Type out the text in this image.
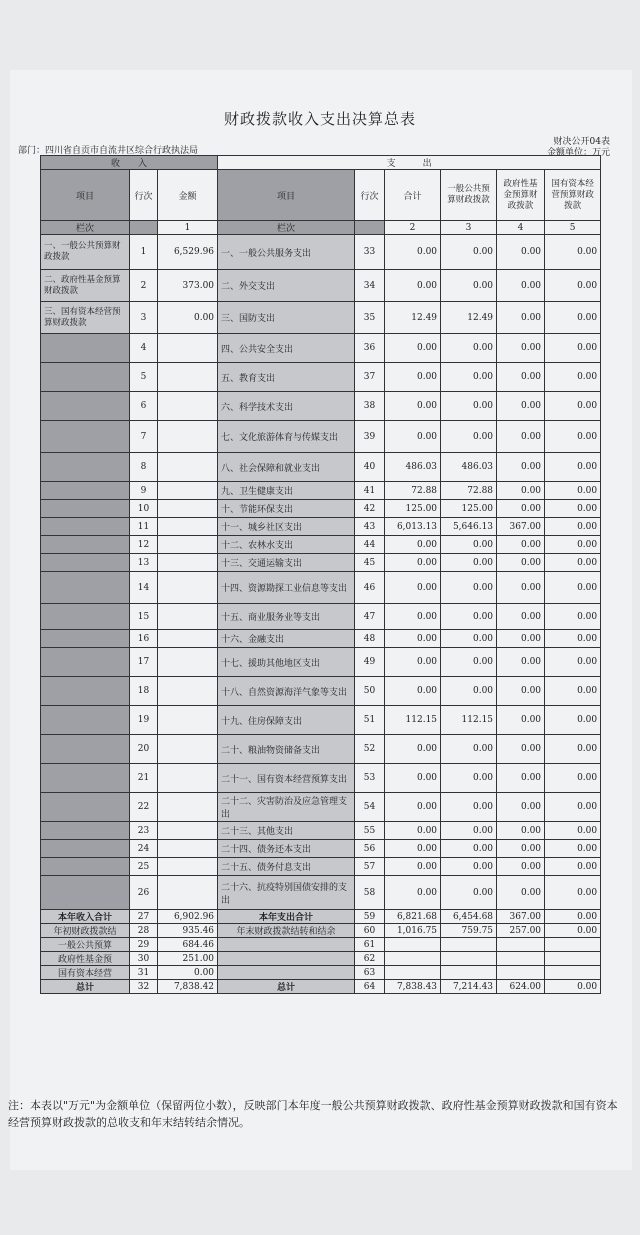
财政拨款收入支出决算总表
部门：四川省自贡市自流井区综合行政执法局
财决公开04表
金额单位：万元
收　　入			支　　　出					
项目	行次	金额	项目	行次	合计	一般公共预算财政拨款	政府性基金预算财政拨款	国有资本经营预算财政拨款
栏次		1	栏次		2	3	4	5
一、一般公共预算财政拨款	1	6,529.96	一、一般公共服务支出	33	0.00	0.00	0.00	0.00
二、政府性基金预算财政拨款	2	373.00	二、外交支出	34	0.00	0.00	0.00	0.00
三、国有资本经营预算财政拨款	3	0.00	三、国防支出	35	12.49	12.49	0.00	0.00
	4		四、公共安全支出	36	0.00	0.00	0.00	0.00
	5		五、教育支出	37	0.00	0.00	0.00	0.00
	6		六、科学技术支出	38	0.00	0.00	0.00	0.00
	7		七、文化旅游体育与传媒支出	39	0.00	0.00	0.00	0.00
	8		八、社会保障和就业支出	40	486.03	486.03	0.00	0.00
	9		九、卫生健康支出	41	72.88	72.88	0.00	0.00
	10		十、节能环保支出	42	125.00	125.00	0.00	0.00
	11		十一、城乡社区支出	43	6,013.13	5,646.13	367.00	0.00
	12		十二、农林水支出	44	0.00	0.00	0.00	0.00
	13		十三、交通运输支出	45	0.00	0.00	0.00	0.00
	14		十四、资源勘探工业信息等支出	46	0.00	0.00	0.00	0.00
	15		十五、商业服务业等支出	47	0.00	0.00	0.00	0.00
	16		十六、金融支出	48	0.00	0.00	0.00	0.00
	17		十七、援助其他地区支出	49	0.00	0.00	0.00	0.00
	18		十八、自然资源海洋气象等支出	50	0.00	0.00	0.00	0.00
	19		十九、住房保障支出	51	112.15	112.15	0.00	0.00
	20		二十、粮油物资储备支出	52	0.00	0.00	0.00	0.00
	21		二十一、国有资本经营预算支出	53	0.00	0.00	0.00	0.00
	22		二十二、灾害防治及应急管理支出	54	0.00	0.00	0.00	0.00
	23		二十三、其他支出	55	0.00	0.00	0.00	0.00
	24		二十四、债务还本支出	56	0.00	0.00	0.00	0.00
	25		二十五、债务付息支出	57	0.00	0.00	0.00	0.00
	26		二十六、抗疫特别国债安排的支出	58	0.00	0.00	0.00	0.00
本年收入合计	27	6,902.96	本年支出合计	59	6,821.68	6,454.68	367.00	0.00
年初财政拨款结	28	935.46	年末财政拨款结转和结余	60	1,016.75	759.75	257.00	0.00
一般公共预算	29	684.46		61				
政府性基金预	30	251.00		62				
国有资本经营	31	0.00		63				
总计	32	7,838.42	总计	64	7,838.43	7,214.43	624.00	0.00
注：本表以"万元"为金额单位（保留两位小数），反映部门本年度一般公共预算财政拨款、政府性基金预算财政拨款和国有资本经营预算财政拨款的总收支和年末结转结余情况。
